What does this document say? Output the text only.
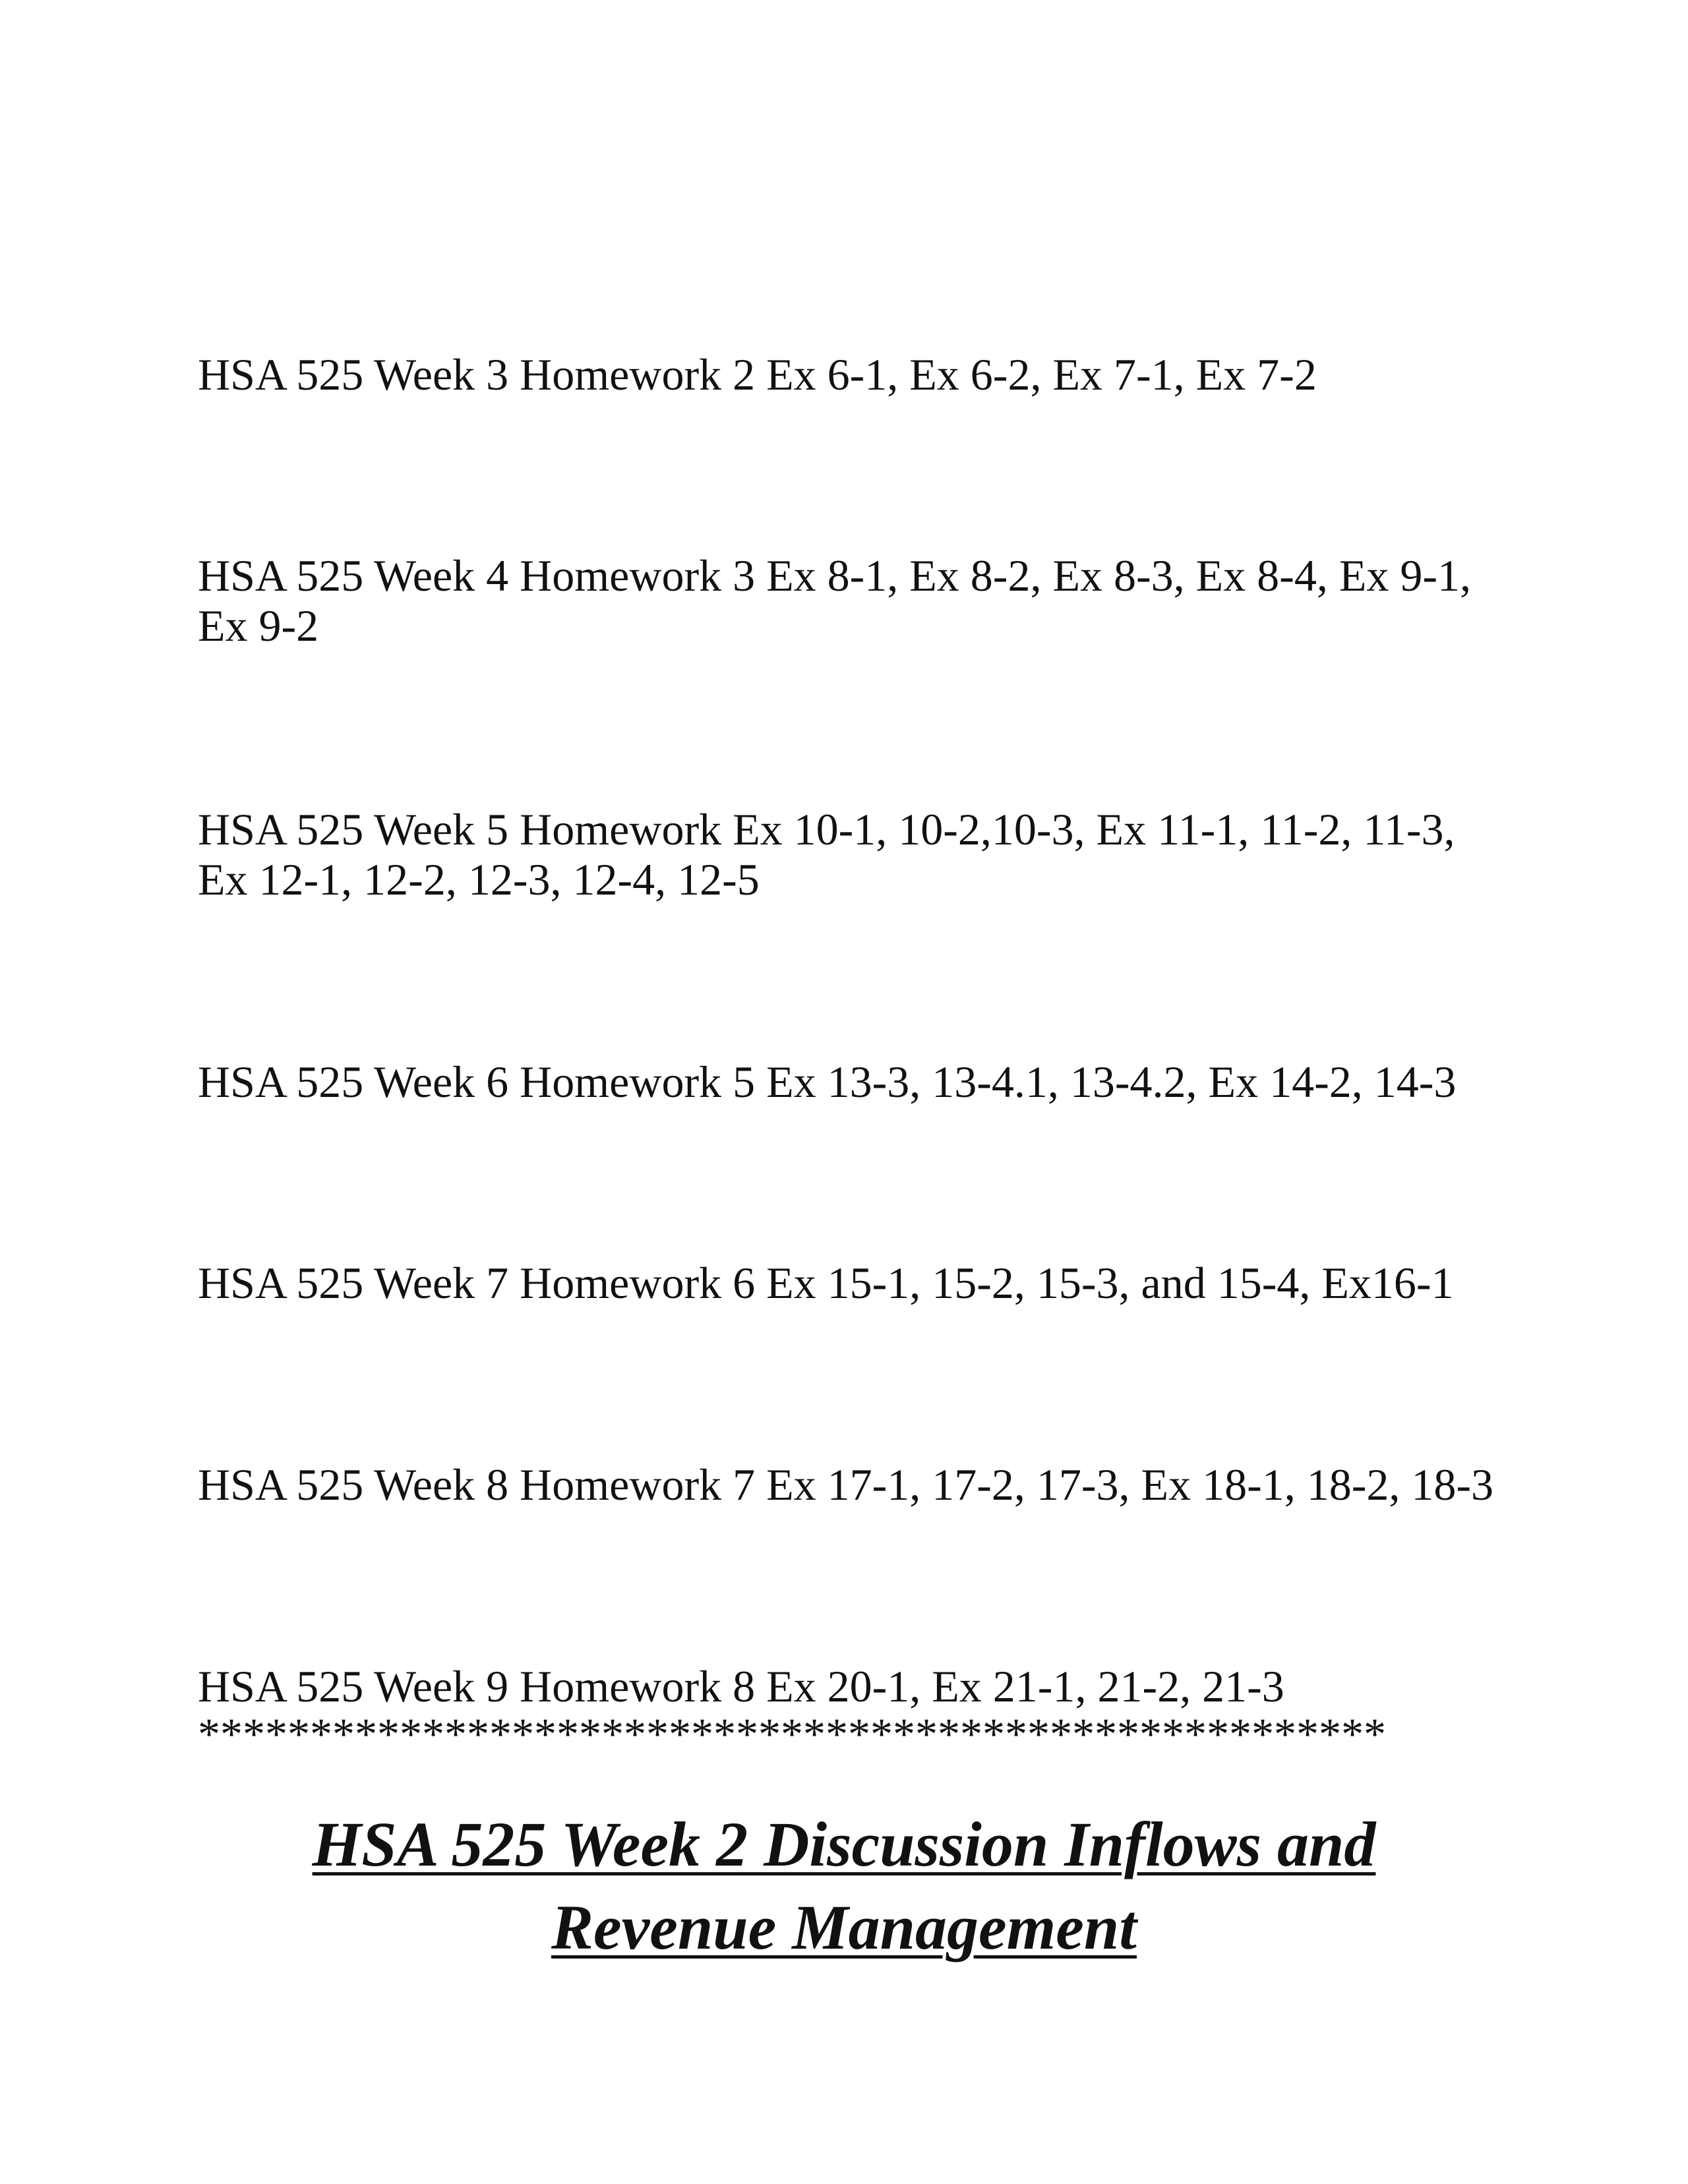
HSA 525 Week 3 Homework 2 Ex 6-1, Ex 6-2, Ex 7-1, Ex 7-2

HSA 525 Week 4 Homework 3 Ex 8-1, Ex 8-2, Ex 8-3, Ex 8-4, Ex 9-1,
Ex 9-2

HSA 525 Week 5 Homework Ex 10-1, 10-2,10-3, Ex 11-1, 11-2, 11-3,
Ex 12-1, 12-2, 12-3, 12-4, 12-5

HSA 525 Week 6 Homework 5 Ex 13-3, 13-4.1, 13-4.2, Ex 14-2, 14-3

HSA 525 Week 7 Homework 6 Ex 15-1, 15-2, 15-3, and 15-4, Ex16-1

HSA 525 Week 8 Homework 7 Ex 17-1, 17-2, 17-3, Ex 18-1, 18-2, 18-3

HSA 525 Week 9 Homework 8 Ex 20-1, Ex 21-1, 21-2, 21-3

*****************************************************
HSA 525 Week 2 Discussion Inflows and
Revenue Management
